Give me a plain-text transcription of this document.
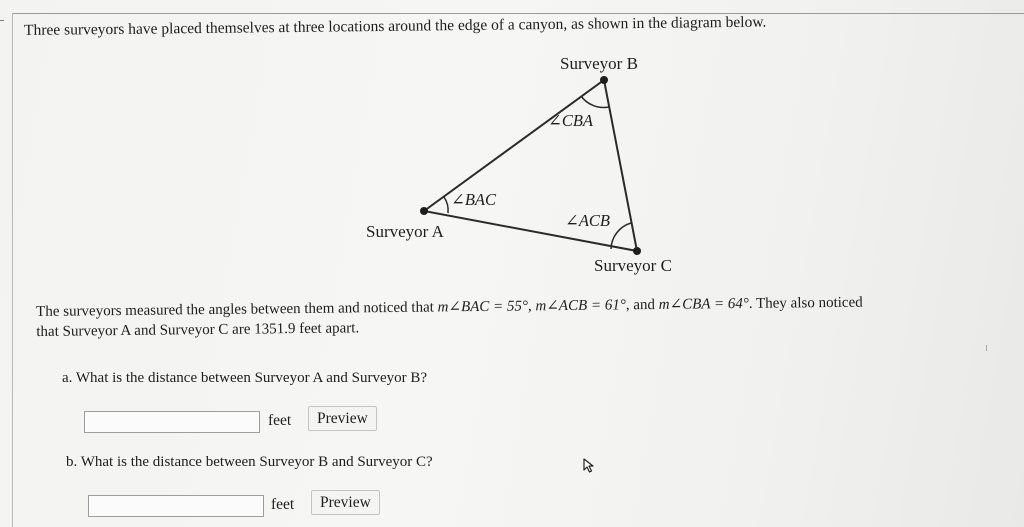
Three surveyors have placed themselves at three locations around the edge of a canyon, as shown in the diagram below.
Surveyor B
Surveyor A
Surveyor C
∠CBA
∠BAC
∠ACB
The surveyors measured the angles between them and noticed that m∠BAC = 55°, m∠ACB = 61°, and m∠CBA = 64°. They also noticed
that Surveyor A and Surveyor C are 1351.9 feet apart.
a. What is the distance between Surveyor A and Surveyor B?
feet	Preview
b. What is the distance between Surveyor B and Surveyor C?
feet	Preview
